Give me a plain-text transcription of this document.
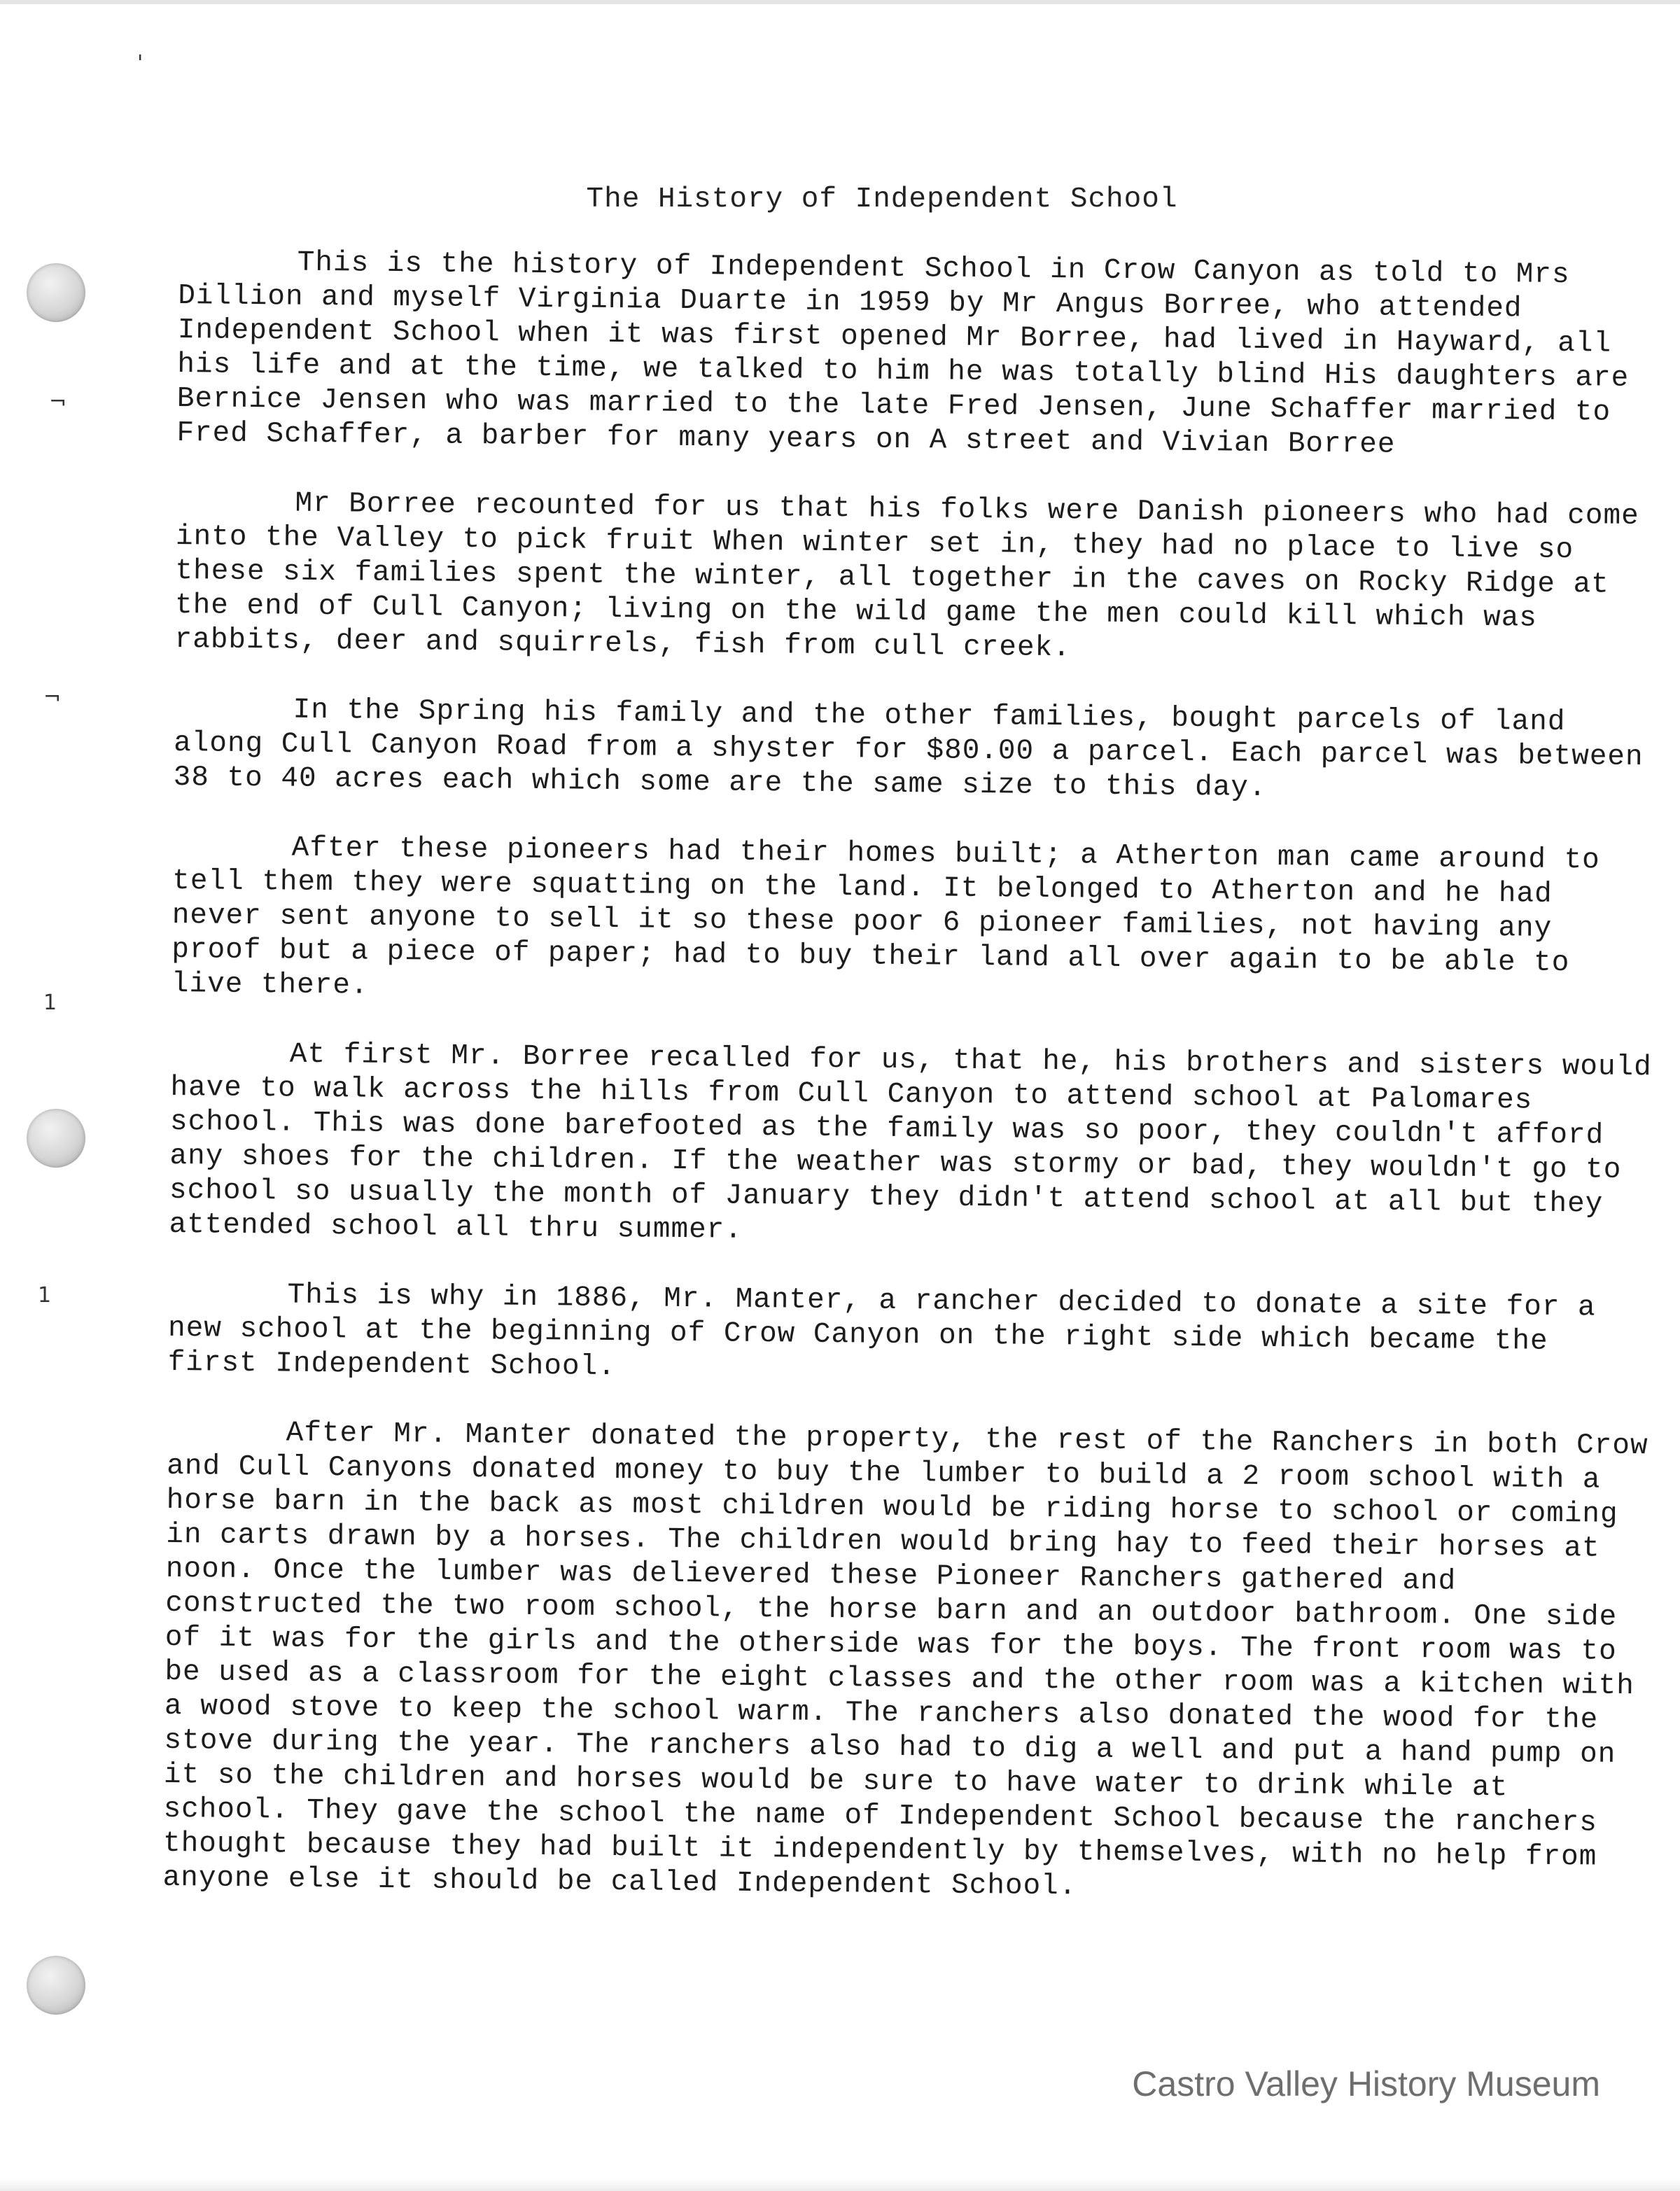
'
¬
¬
1
1
The History of Independent School

This is the history of Independent School in Crow Canyon as told to Mrs Dillion and myself Virginia Duarte in 1959 by Mr Angus Borree, who attended Independent School when it was first opened Mr Borree, had lived in Hayward, all his life and at the time, we talked to him he was totally blind His daughters are Bernice Jensen who was married to the late Fred Jensen, June Schaffer married to Fred Schaffer, a barber for many years on A street and Vivian Borree

Mr Borree recounted for us that his folks were Danish pioneers who had come into the Valley to pick fruit When winter set in, they had no place to live so these six families spent the winter, all together in the caves on Rocky Ridge at the end of Cull Canyon; living on the wild game the men could kill which was rabbits, deer and squirrels, fish from cull creek.

In the Spring his family and the other families, bought parcels of land along Cull Canyon Road from a shyster for $80.00 a parcel. Each parcel was between 38 to 40 acres each which some are the same size to this day.

After these pioneers had their homes built; a Atherton man came around to tell them they were squatting on the land. It belonged to Atherton and he had never sent anyone to sell it so these poor 6 pioneer families, not having any proof but a piece of paper; had to buy their land all over again to be able to live there.

At first Mr. Borree recalled for us, that he, his brothers and sisters would have to walk across the hills from Cull Canyon to attend school at Palomares school. This was done barefooted as the family was so poor, they couldn't afford any shoes for the children. If the weather was stormy or bad, they wouldn't go to school so usually the month of January they didn't attend school at all but they attended school all thru summer.

This is why in 1886, Mr. Manter, a rancher decided to donate a site for a new school at the beginning of Crow Canyon on the right side which became the first Independent School.

After Mr. Manter donated the property, the rest of the Ranchers in both Crow and Cull Canyons donated money to buy the lumber to build a 2 room school with a horse barn in the back as most children would be riding horse to school or coming in carts drawn by a horses. The children would bring hay to feed their horses at noon. Once the lumber was delievered these Pioneer Ranchers gathered and constructed the two room school, the horse barn and an outdoor bathroom. One side of it was for the girls and the otherside was for the boys. The front room was to be used as a classroom for the eight classes and the other room was a kitchen with a wood stove to keep the school warm. The ranchers also donated the wood for the stove during the year. The ranchers also had to dig a well and put a hand pump on it so the children and horses would be sure to have water to drink while at school. They gave the school the name of Independent School because the ranchers thought because they had built it independently by themselves, with no help from anyone else it should be called Independent School.

Castro Valley History Museum
